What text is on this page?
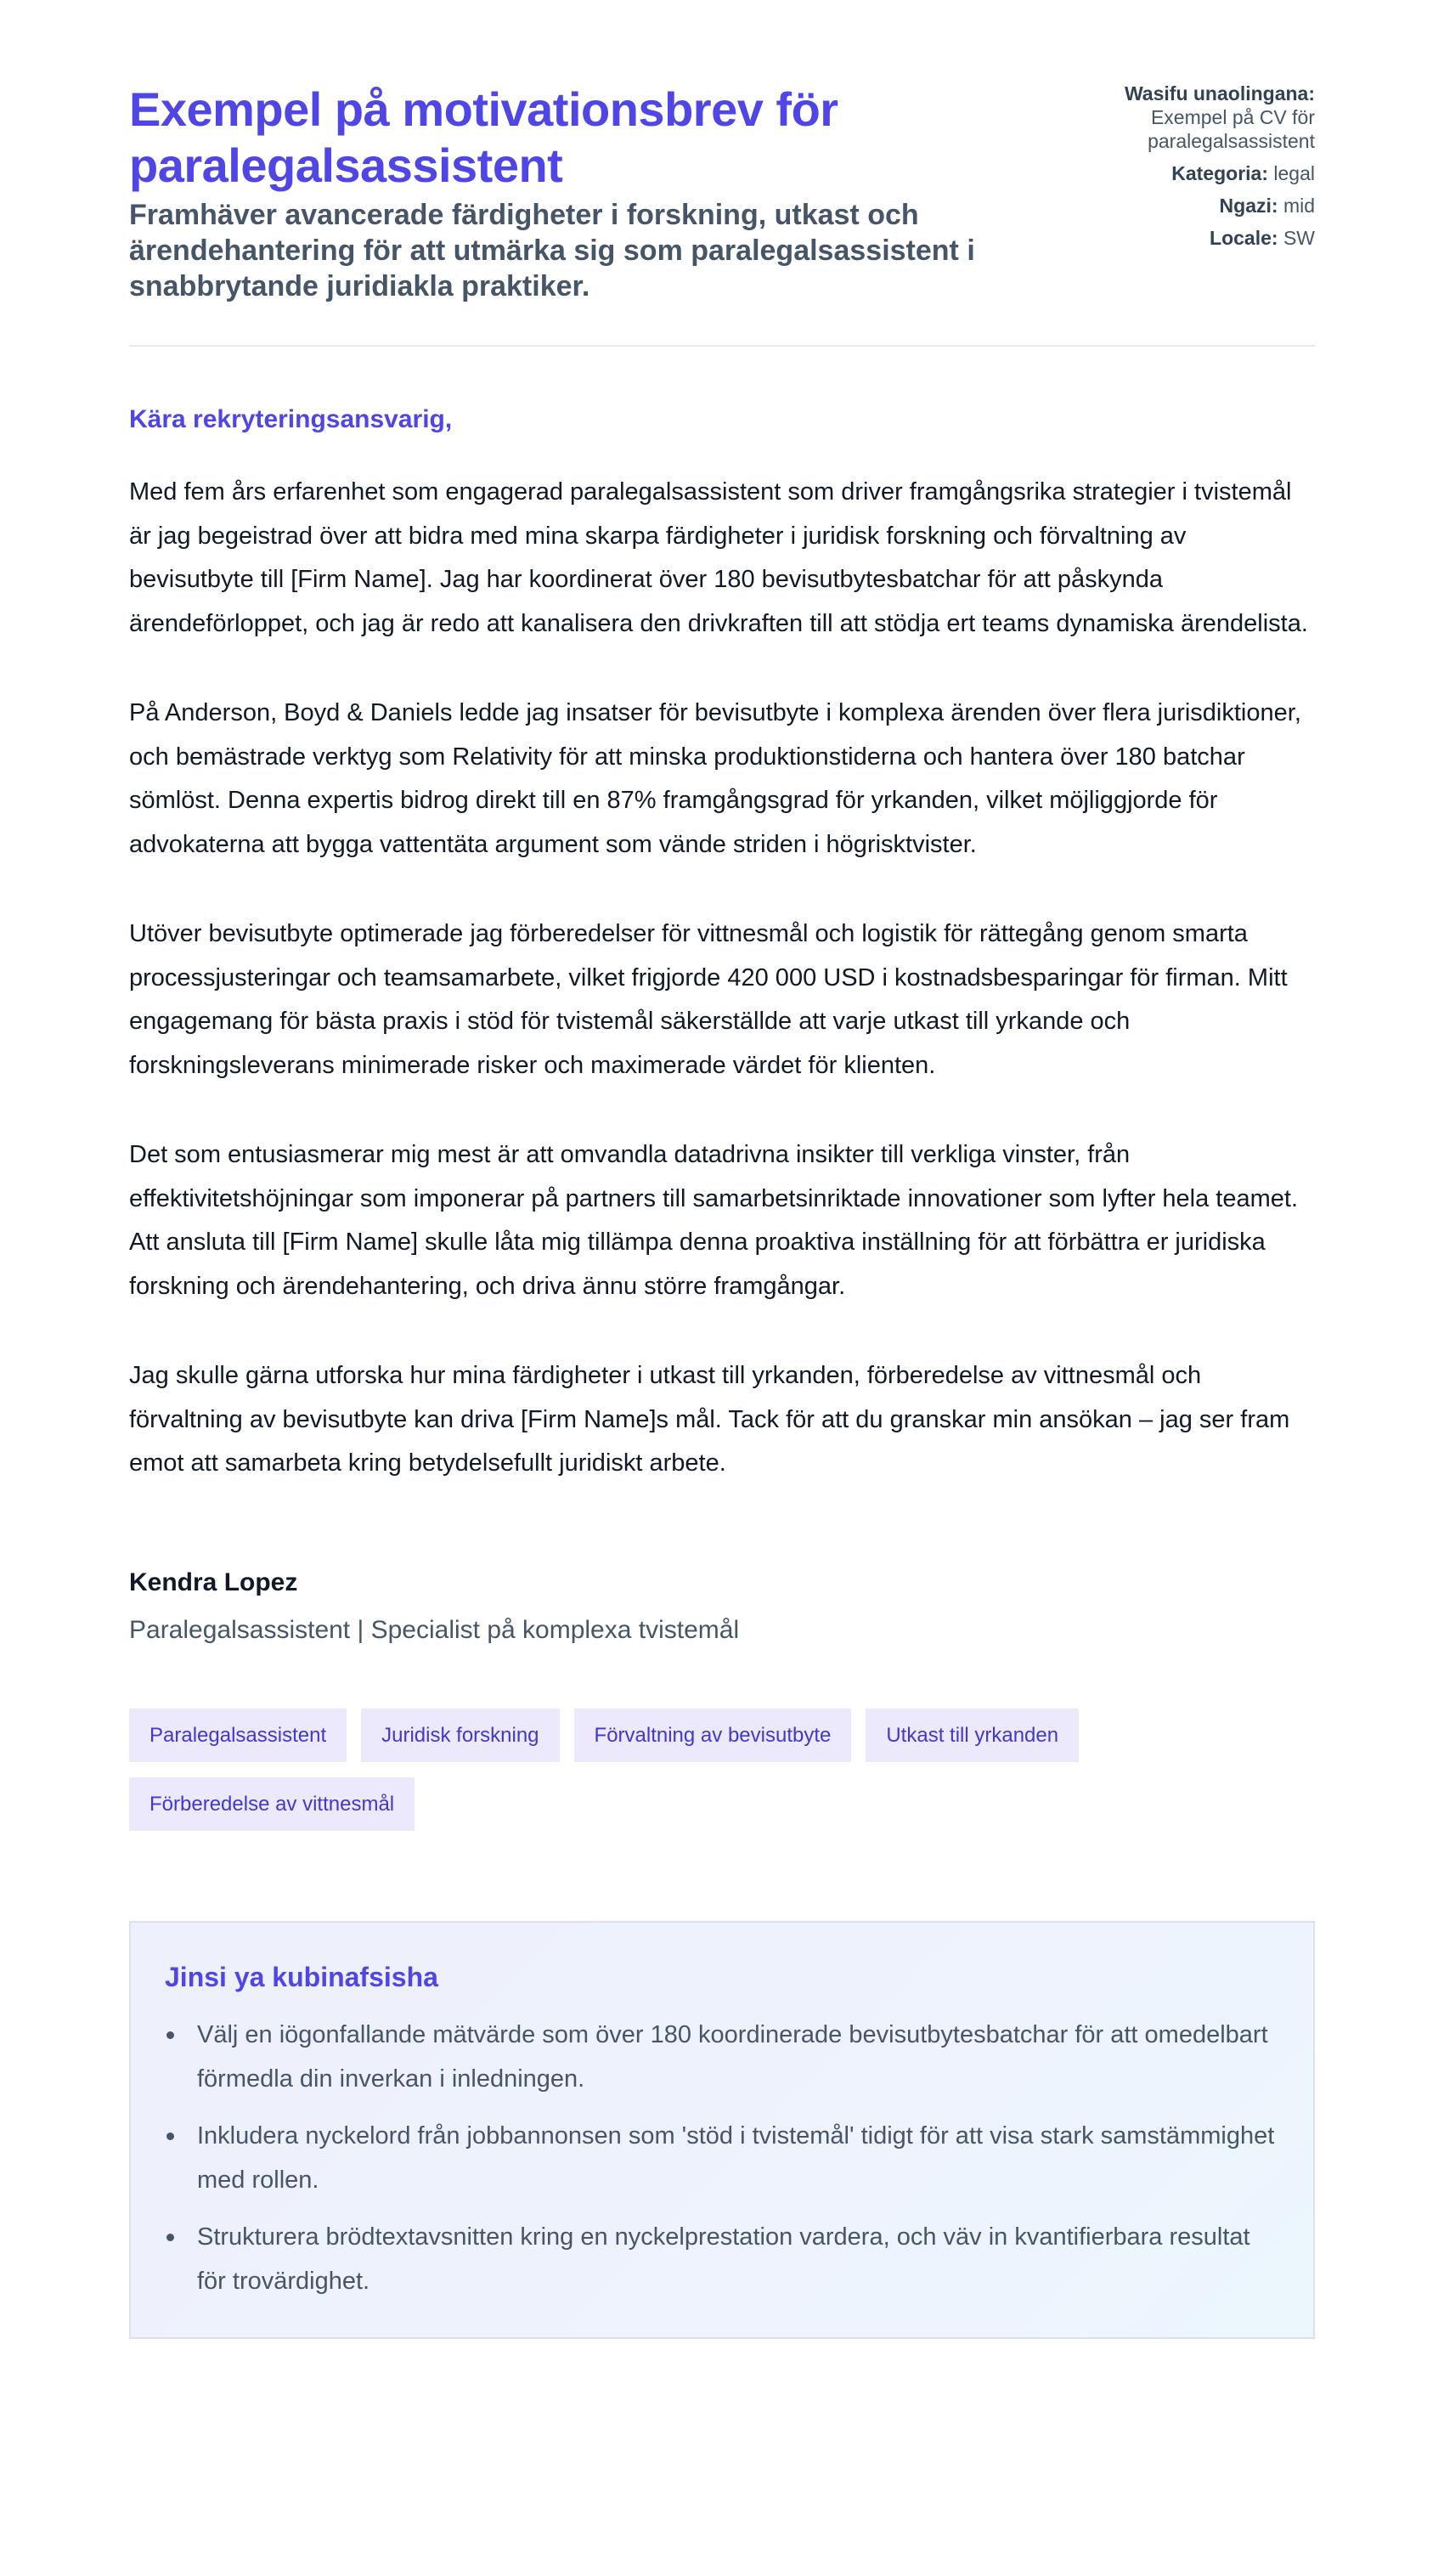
Exempel på motivationsbrev för paralegalsassistent

Framhäver avancerade färdigheter i forskning, utkast och ärendehantering för att utmärka sig som paralegalsassistent i snabbrytande juridiakla praktiker.

Wasifu unaolingana:
Exempel på CV för paralegalsassistent
Kategoria: legal
Ngazi: mid
Locale: SW

Kära rekryteringsansvarig,

Med fem års erfarenhet som engagerad paralegalsassistent som driver framgångsrika strategier i tvistemål är jag begeistrad över att bidra med mina skarpa färdigheter i juridisk forskning och förvaltning av bevisutbyte till [Firm Name]. Jag har koordinerat över 180 bevisutbytesbatchar för att påskynda ärendeförloppet, och jag är redo att kanalisera den drivkraften till att stödja ert teams dynamiska ärendelista.

På Anderson, Boyd & Daniels ledde jag insatser för bevisutbyte i komplexa ärenden över flera jurisdiktioner, och bemästrade verktyg som Relativity för att minska produktionstiderna och hantera över 180 batchar sömlöst. Denna expertis bidrog direkt till en 87% framgångsgrad för yrkanden, vilket möjliggjorde för advokaterna att bygga vattentäta argument som vände striden i högrisktvister.

Utöver bevisutbyte optimerade jag förberedelser för vittnesmål och logistik för rättegång genom smarta processjusteringar och teamsamarbete, vilket frigjorde 420 000 USD i kostnadsbesparingar för firman. Mitt engagemang för bästa praxis i stöd för tvistemål säkerställde att varje utkast till yrkande och forskningsleverans minimerade risker och maximerade värdet för klienten.

Det som entusiasmerar mig mest är att omvandla datadrivna insikter till verkliga vinster, från effektivitetshöjningar som imponerar på partners till samarbetsinriktade innovationer som lyfter hela teamet. Att ansluta till [Firm Name] skulle låta mig tillämpa denna proaktiva inställning för att förbättra er juridiska forskning och ärendehantering, och driva ännu större framgångar.

Jag skulle gärna utforska hur mina färdigheter i utkast till yrkanden, förberedelse av vittnesmål och förvaltning av bevisutbyte kan driva [Firm Name]s mål. Tack för att du granskar min ansökan – jag ser fram emot att samarbeta kring betydelsefullt juridiskt arbete.

Kendra Lopez
Paralegalsassistent | Specialist på komplexa tvistemål
Paralegalsassistent	Juridisk forskning	Förvaltning av bevisutbyte	Utkast till yrkanden
Förberedelse av vittnesmål
Jinsi ya kubinafsisha
Välj en iögonfallande mätvärde som över 180 koordinerade bevisutbytesbatchar för att omedelbart förmedla din inverkan i inledningen.
Inkludera nyckelord från jobbannonsen som 'stöd i tvistemål' tidigt för att visa stark samstämmighet med rollen.
Strukturera brödtextavsnitten kring en nyckelprestation vardera, och väv in kvantifierbara resultat för trovärdighet.
